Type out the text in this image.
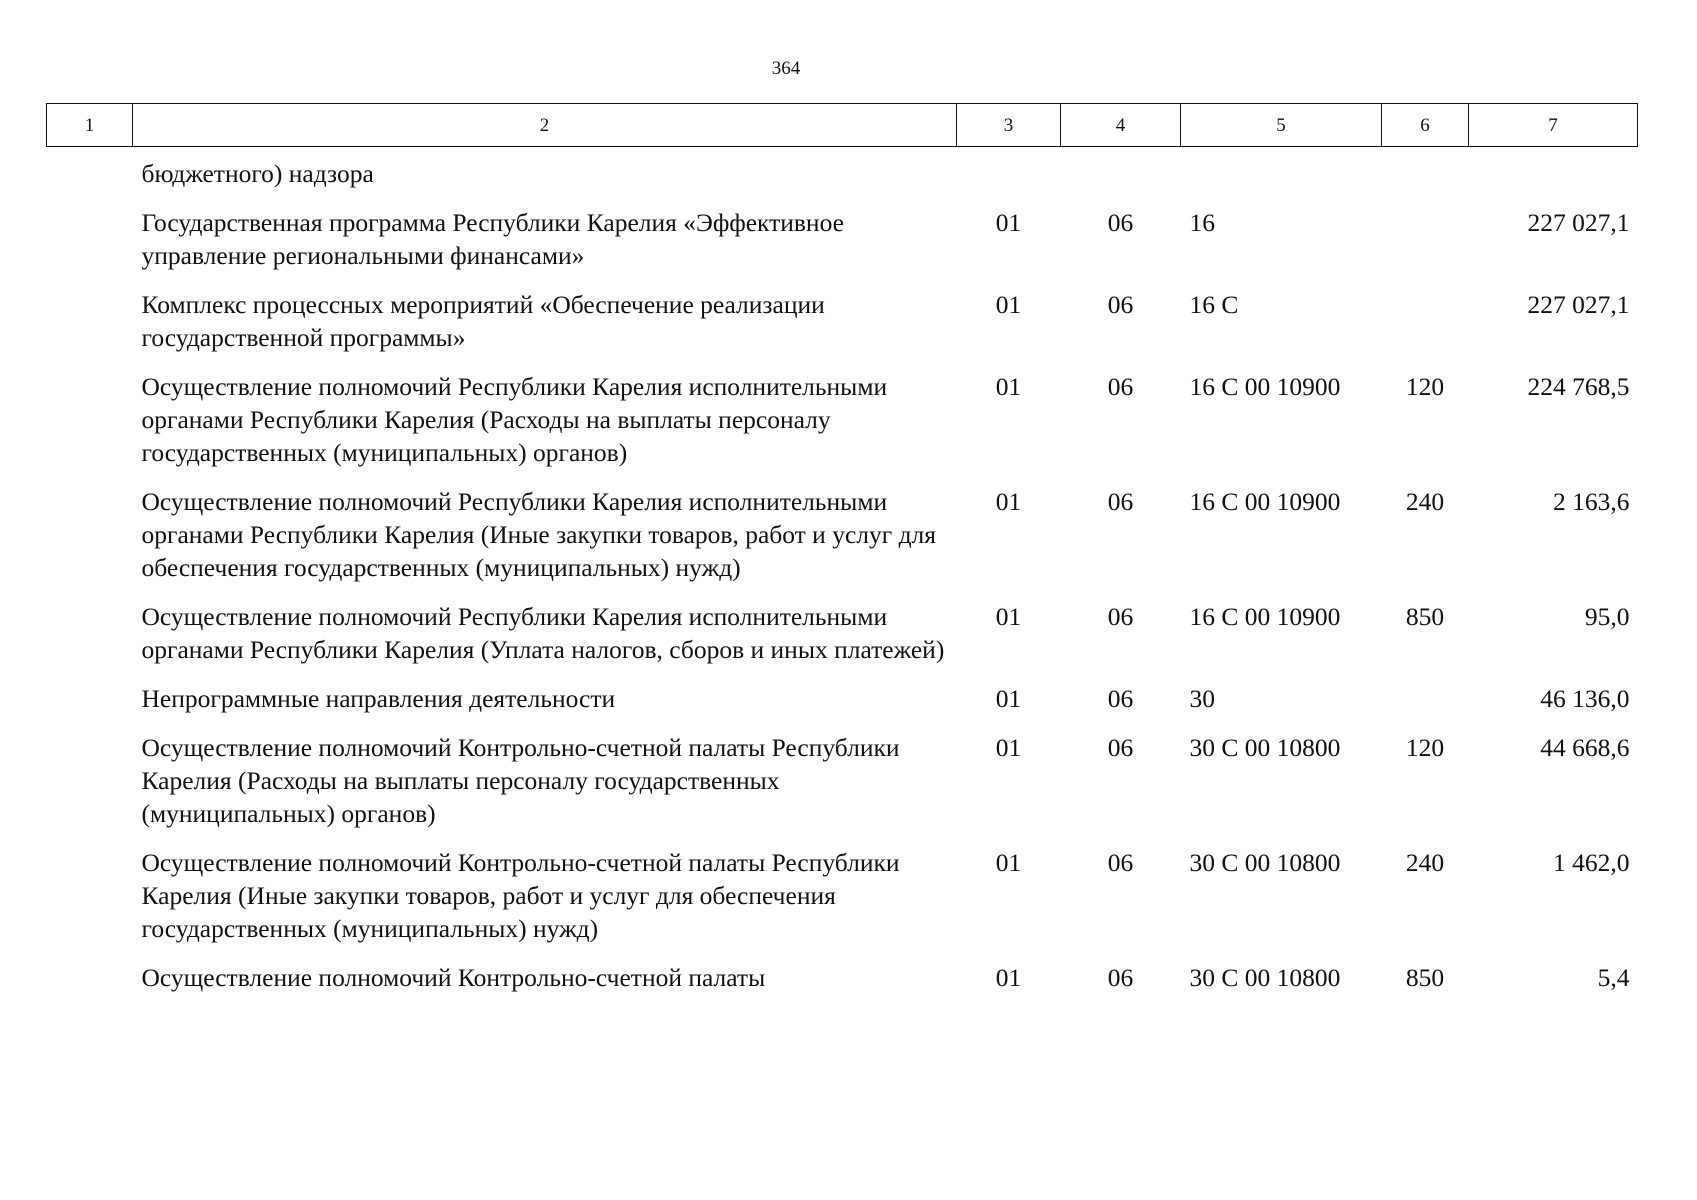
364
1	2	3	4	5	6	7
	бюджетного) надзора					
	Государственная программа Республики Карелия «Эффективное управление региональными финансами»	01	06	16		227 027,1
	Комплекс процессных мероприятий «Обеспечение реализации государственной программы»	01	06	16 С		227 027,1
	Осуществление полномочий Республики Карелия исполнительными органами Республики Карелия (Расходы на выплаты персоналу государственных (муниципальных) органов)	01	06	16 С 00 10900	120	224 768,5
	Осуществление полномочий Республики Карелия исполнительными органами Республики Карелия (Иные закупки товаров, работ и услуг для обеспечения государственных (муниципальных) нужд)	01	06	16 С 00 10900	240	2 163,6
	Осуществление полномочий Республики Карелия исполнительными органами Республики Карелия (Уплата налогов, сборов и иных платежей)	01	06	16 С 00 10900	850	95,0
	Непрограммные направления деятельности	01	06	30		46 136,0
	Осуществление полномочий Контрольно-счетной палаты Республики Карелия (Расходы на выплаты персоналу государственных (муниципальных) органов)	01	06	30 С 00 10800	120	44 668,6
	Осуществление полномочий Контрольно-счетной палаты Республики Карелия (Иные закупки товаров, работ и услуг для обеспечения государственных (муниципальных) нужд)	01	06	30 С 00 10800	240	1 462,0
	Осуществление полномочий Контрольно-счетной палаты	01	06	30 С 00 10800	850	5,4
